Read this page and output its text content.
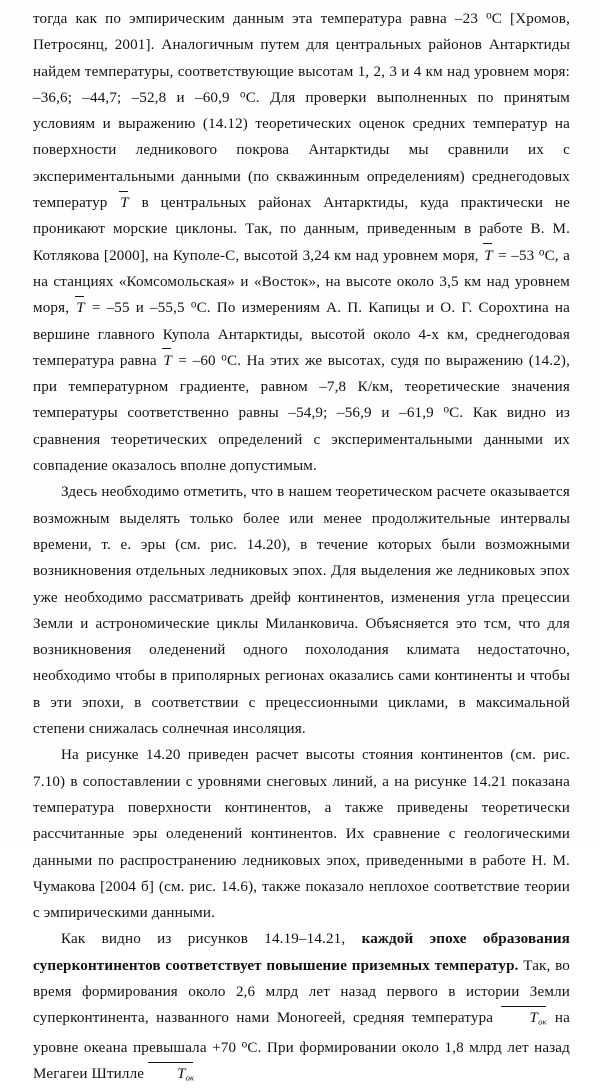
тогда как по эмпирическим данным эта температура равна –23 $^о$С [Хромов, Петросянц, 2001]. Аналогичным путем для центральных районов Антарктиды найдем температуры, соответствующие высотам 1, 2, 3 и 4 км над уровнем моря: –36,6; –44,7; –52,8 и –60,9 $^о$С. Для проверки выполненных по принятым условиям и выражению (14.12) теоретических оценок средних температур на поверхности ледникового покрова Антарктиды мы сравнили их с экспериментальными данными (по скважинным определениям) среднегодовых температур
T в центральных районах Антарктиды, куда практически не проникают морские циклоны. Так, по данным, приведенным в работе В. М. Котлякова [2000], на Куполе-С, высотой 3,24 км над уровнем моря,
T = –53 $^о$С, а на станциях «Комсомольская» и «Восток», на высоте около 3,5 км над уровнем моря,
T = –55 и –55,5 $^о$С. По измерениям А. П. Капицы и О. Г. Сорохтина на вершине главного Купола Антарктиды, высотой около 4-х км, среднегодовая температура равна
T = –60 $^о$С. На этих же высотах, судя по выражению (14.2), при температурном градиенте, равном –7,8 К/км, теоретические значения температуры соответственно равны –54,9; –56,9 и –61,9 $^о$С. Как видно из сравнения теоретических определений с экспериментальными данными их совпадение оказалось вполне допустимым.

Здесь необходимо отметить, что в нашем теоретическом расчете оказывается возможным выделять только более или менее продолжительные интервалы времени, т. е. эры (см. рис. 14.20), в течение которых были возможными возникновения отдельных ледниковых эпох. Для выделения же ледниковых эпох уже необходимо рассматривать дрейф континентов, изменения угла прецессии Земли и астрономические циклы Миланковича. Объясняется это тсм, что для возникновения оледенений одного похолодания климата недостаточно, необходимо чтобы в приполярных регионах оказались сами континенты и чтобы в эти эпохи, в соответствии с прецессионными циклами, в максимальной степени снижалась солнечная инсоляция.

На рисунке 14.20 приведен расчет высоты стояния континентов (см. рис. 7.10) в сопоставлении с уровнями снеговых линий, а на рисунке 14.21 показана температура поверхности континентов, а также приведены теоретически рассчитанные эры оледенений континентов. Их сравнение с геологическими данными по распространению ледниковых эпох, приведенными в работе Н. М. Чумакова [2004 б] (см. рис. 14.6), также показало неплохое соответствие теории с эмпирическими данными.

Как видно из рисунков 14.19–14.21, каждой эпохе образования суперконтинентов соответствует повышение приземных температур. Так, во время формирования около 2,6 млрд лет назад первого в истории Земли суперконтинента, названного нами Моногеей, средняя температура
$T_{ок}$ на уровне океана превышала +70 $^о$С. При формировании около 1,8 млрд лет назад Мегагеи Штилле
$T_{ок}$
